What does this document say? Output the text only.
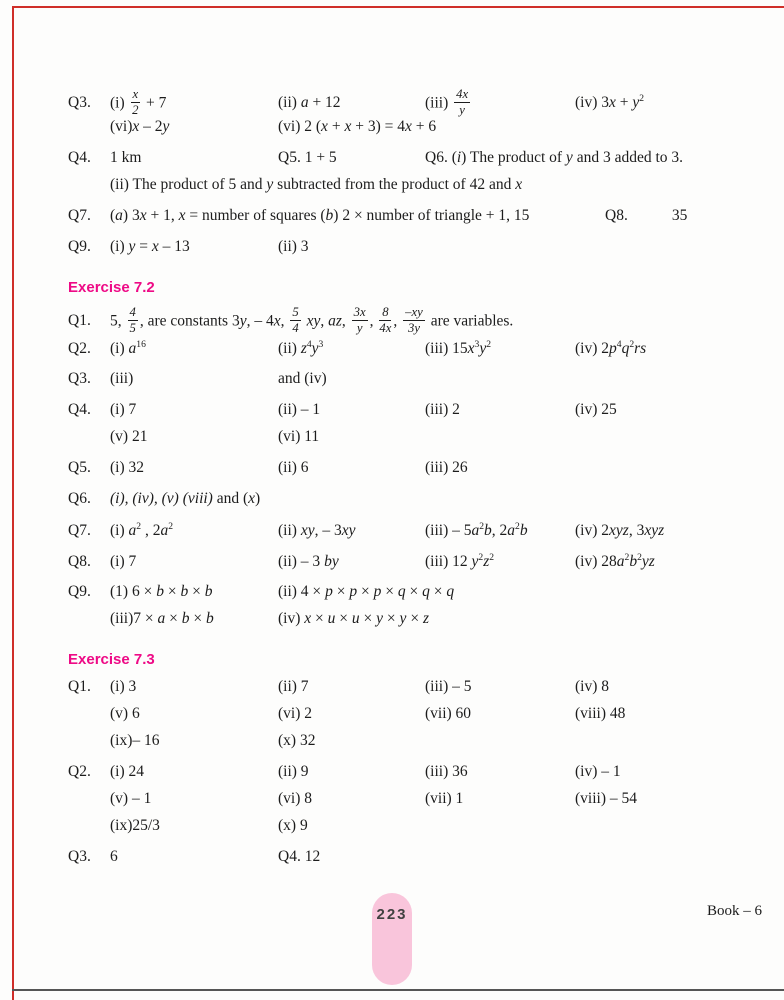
Q3.	$(i) \frac{x}{2} + 7$	(ii) a + 12	$(iii) \frac{4x}{y}$	(iv) $3x + y^2$
(vi)x – 2y	(vi) 2 (x + x + 3) = 4x + 6
Q4.	1 km	Q5. 1 + 5	Q6. (i) The product of y and 3 added to 3.
(ii) The product of 5 and y subtracted from the product of 42 and x
Q7.	(a) 3x + 1, x = number of squares (b) 2 × number of triangle + 1, 15	Q8.	35
Q9.	(i) y = x – 13	(ii) 3
Exercise 7.2
Q1.	5, $\frac{4}{5}$ , are constants 3y, – 4x, $\frac{5}{4}$ xy, az, $\frac{3x}{y}$ , $\frac{8}{4x}$ , $\frac{-xy}{3y}$ are variables.
Q2.	(i) $a^{16}$	(ii) $z^4y^3$	(iii) $15x^3y^2$	(iv) $2p^4q^2rs$
Q3.	(iii)	and (iv)
Q4.	(i) 7	(ii) – 1	(iii) 2	(iv) 25
(v) 21	(vi) 11
Q5.	(i) 32	(ii) 6	(iii) 26
Q6.	(i), (iv), (v) (viii) and (x)
Q7.	(i) $a^2$ , $2a^2$	(ii) xy, – 3xy	$(iii) - 5a^2b$, $2a^2b$	(iv) 2xyz, 3xyz
Q8.	(i) 7	(ii) – 3 by	(iii) 12 $y^2z^2$	(iv) $28a^2b^2yz$
Q9.	(1) 6 × b × b × b	(ii) 4 × p × p × p × q × q × q
(iii)7 × a × b × b	(iv) x × u × u × y × y × z
Exercise 7.3
Q1.	(i) 3	(ii) 7	(iii) – 5	(iv) 8
(v) 6	(vi) 2	(vii) 60	(viii) 48
(ix)– 16	(x) 32
Q2.	(i) 24	(ii) 9	(iii) 36	(iv) – 1
(v) – 1	(vi) 8	(vii) 1	(viii) – 54
(ix)25/3	(x) 9
Q3.	6	Q4. 12
223	Book – 6
